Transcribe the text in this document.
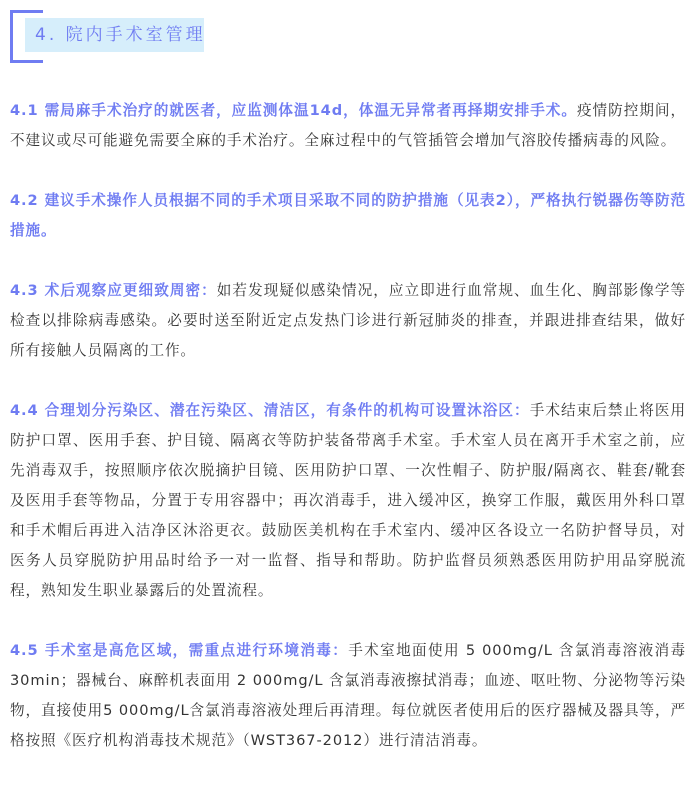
4. 院内手术室管理

4.1 需局麻手术治疗的就医者，应监测体温14d，体温无异常者再择期安排手术。疫情防控期间，不建议或尽可能避免需要全麻的手术治疗。全麻过程中的气管插管会增加气溶胶传播病毒的风险。

4.2 建议手术操作人员根据不同的手术项目采取不同的防护措施（见表2），严格执行锐器伤等防范措施。

4.3 术后观察应更细致周密：如若发现疑似感染情况，应立即进行血常规、血生化、胸部影像学等检查以排除病毒感染。必要时送至附近定点发热门诊进行新冠肺炎的排查，并跟进排查结果，做好所有接触人员隔离的工作。

4.4 合理划分污染区、潜在污染区、清洁区，有条件的机构可设置沐浴区：手术结束后禁止将医用防护口罩、医用手套、护目镜、隔离衣等防护装备带离手术室。手术室人员在离开手术室之前，应先消毒双手，按照顺序依次脱摘护目镜、医用防护口罩、一次性帽子、防护服/隔离衣、鞋套/靴套及医用手套等物品，分置于专用容器中；再次消毒手，进入缓冲区，换穿工作服，戴医用外科口罩和手术帽后再进入洁净区沐浴更衣。鼓励医美机构在手术室内、缓冲区各设立一名防护督导员，对医务人员穿脱防护用品时给予一对一监督、指导和帮助。防护监督员须熟悉医用防护用品穿脱流程，熟知发生职业暴露后的处置流程。

4.5 手术室是高危区域，需重点进行环境消毒：手术室地面使用 5 000mg/L 含氯消毒溶液消毒30min；器械台、麻醉机表面用 2 000mg/L 含氯消毒液擦拭消毒；血迹、呕吐物、分泌物等污染物，直接使用5 000mg/L含氯消毒溶液处理后再清理。每位就医者使用后的医疗器械及器具等，严格按照《医疗机构消毒技术规范》（WST367-2012）进行清洁消毒。
